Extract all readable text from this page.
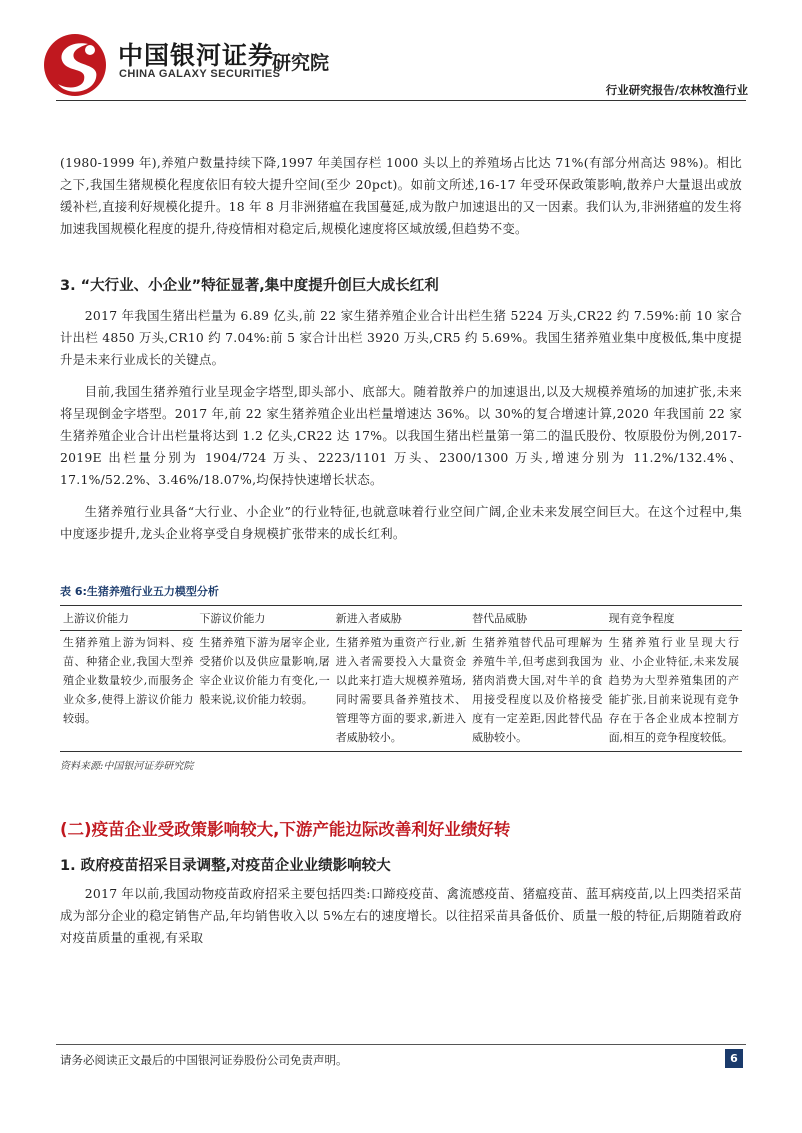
中国银河证券
CHINA GALAXY SECURITIES
研究院
行业研究报告/农林牧渔行业

(1980-1999 年),养殖户数量持续下降,1997 年美国存栏 1000 头以上的养殖场占比达 71%(有部分州高达 98%)。相比之下,我国生猪规模化程度依旧有较大提升空间(至少 20pct)。如前文所述,16-17 年受环保政策影响,散养户大量退出或放缓补栏,直接利好规模化提升。18 年 8 月非洲猪瘟在我国蔓延,成为散户加速退出的又一因素。我们认为,非洲猪瘟的发生将加速我国规模化程度的提升,待疫情相对稳定后,规模化速度将区域放缓,但趋势不变。

3. “大行业、小企业”特征显著,集中度提升创巨大成长红利

2017 年我国生猪出栏量为 6.89 亿头,前 22 家生猪养殖企业合计出栏生猪 5224 万头,CR22 约 7.59%:前 10 家合计出栏 4850 万头,CR10 约 7.04%:前 5 家合计出栏 3920 万头,CR5 约 5.69%。我国生猪养殖业集中度极低,集中度提升是未来行业成长的关键点。

目前,我国生猪养殖行业呈现金字塔型,即头部小、底部大。随着散养户的加速退出,以及大规模养殖场的加速扩张,未来将呈现倒金字塔型。2017 年,前 22 家生猪养殖企业出栏量增速达 36%。以 30%的复合增速计算,2020 年我国前 22 家生猪养殖企业合计出栏量将达到 1.2 亿头,CR22 达 17%。以我国生猪出栏量第一第二的温氏股份、牧原股份为例,2017-2019E 出栏量分别为 1904/724 万头、2223/1101 万头、2300/1300 万头,增速分别为 11.2%/132.4%、17.1%/52.2%、3.46%/18.07%,均保持快速增长状态。

生猪养殖行业具备“大行业、小企业”的行业特征,也就意味着行业空间广阔,企业未来发展空间巨大。在这个过程中,集中度逐步提升,龙头企业将享受自身规模扩张带来的成长红利。

表 6:生猪养殖行业五力模型分析

上游议价能力	下游议价能力	新进入者威胁	替代品威胁	现有竞争程度
生猪养殖上游为饲料、疫苗、种猪企业,我国大型养殖企业数量较少,而服务企业众多,使得上游议价能力较弱。	生猪养殖下游为屠宰企业,受猪价以及供应量影响,屠宰企业议价能力有变化,一般来说,议价能力较弱。	生猪养殖为重资产行业,新进入者需要投入大量资金以此来打造大规模养殖场,同时需要具备养殖技术、管理等方面的要求,新进入者威胁较小。	生猪养殖替代品可理解为养殖牛羊,但考虑到我国为猪肉消费大国,对牛羊的食用接受程度以及价格接受度有一定差距,因此替代品威胁较小。	生猪养殖行业呈现大行业、小企业特征,未来发展趋势为大型养殖集团的产能扩张,目前来说现有竞争存在于各企业成本控制方面,相互的竞争程度较低。

资料来源:中国银河证券研究院

(二)疫苗企业受政策影响较大,下游产能边际改善利好业绩好转
1. 政府疫苗招采目录调整,对疫苗企业业绩影响较大

2017 年以前,我国动物疫苗政府招采主要包括四类:口蹄疫疫苗、禽流感疫苗、猪瘟疫苗、蓝耳病疫苗,以上四类招采苗成为部分企业的稳定销售产品,年均销售收入以 5%左右的速度增长。以往招采苗具备低价、质量一般的特征,后期随着政府对疫苗质量的重视,有采取

请务必阅读正文最后的中国银河证券股份公司免责声明。	6
